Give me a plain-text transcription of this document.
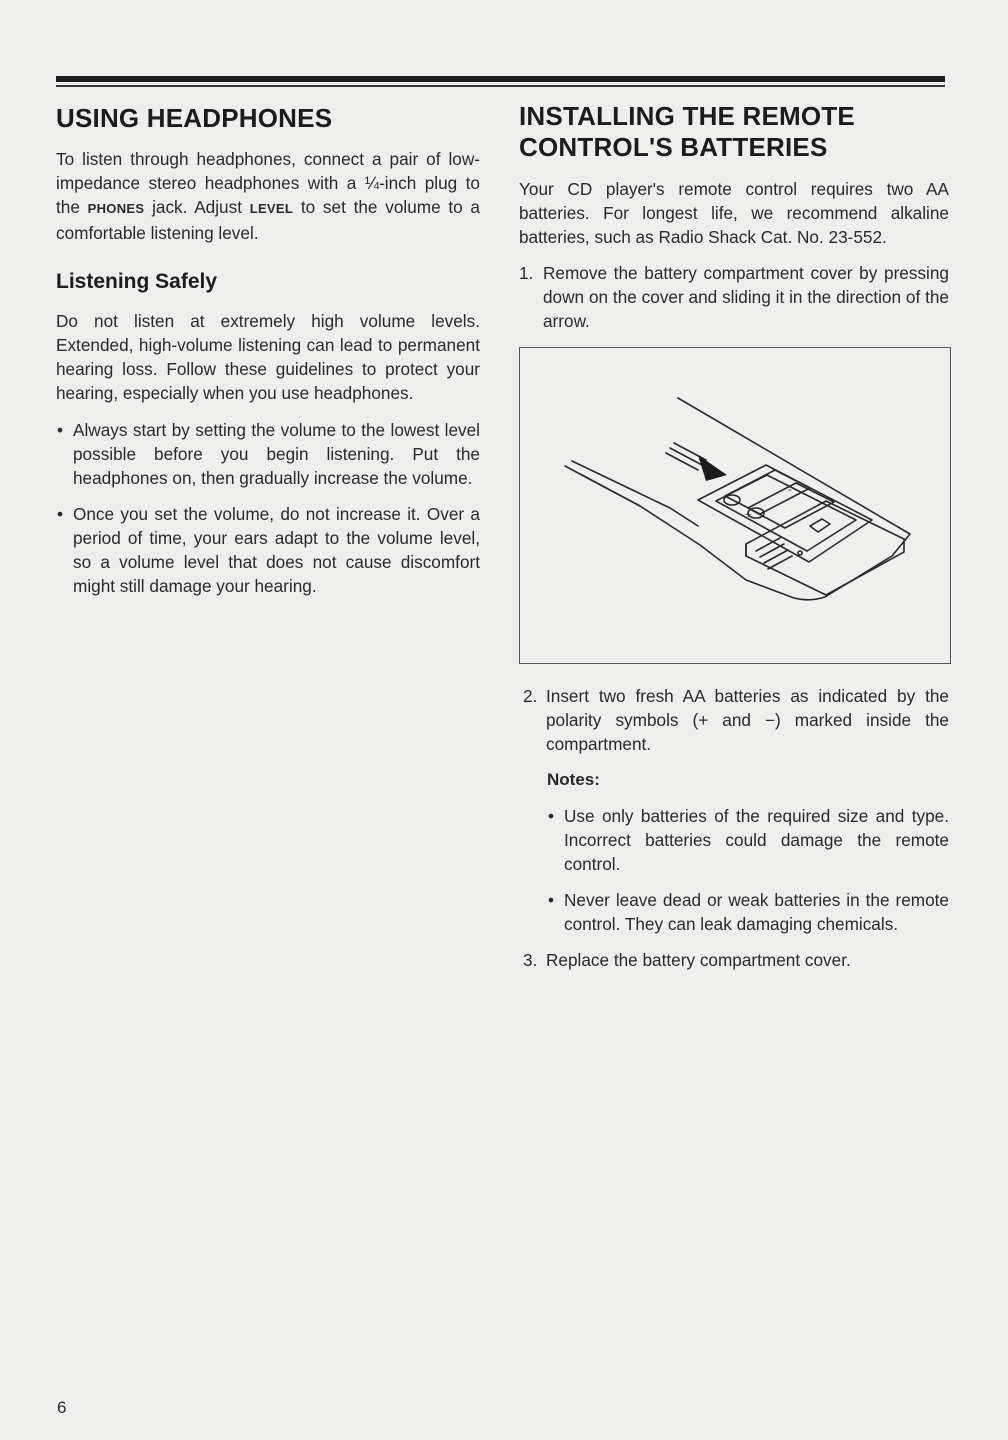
USING HEADPHONES

To listen through headphones, connect a pair of low-impedance stereo headphones with a ¼-inch plug to the PHONES jack. Adjust LEVEL to set the volume to a comfortable listening level.

Listening Safely

Do not listen at extremely high volume levels. Extended, high-volume listening can lead to permanent hearing loss. Follow these guidelines to protect your hearing, especially when you use headphones.

• Always start by setting the volume to the lowest level possible before you begin listening. Put the headphones on, then gradually increase the volume.
• Once you set the volume, do not increase it. Over a period of time, your ears adapt to the volume level, so a volume level that does not cause discomfort might still damage your hearing.
INSTALLING THE REMOTE
CONTROL'S BATTERIES

Your CD player's remote control requires two AA batteries. For longest life, we recommend alkaline batteries, such as Radio Shack Cat. No. 23-552.

1. Remove the battery compartment cover by pressing down on the cover and sliding it in the direction of the arrow.
+
-
2. Insert two fresh AA batteries as indicated by the polarity symbols (+ and −) marked inside the compartment.
Notes:
• Use only batteries of the required size and type. Incorrect batteries could damage the remote control.
• Never leave dead or weak batteries in the remote control. They can leak damaging chemicals.
3. Replace the battery compartment cover.
6
